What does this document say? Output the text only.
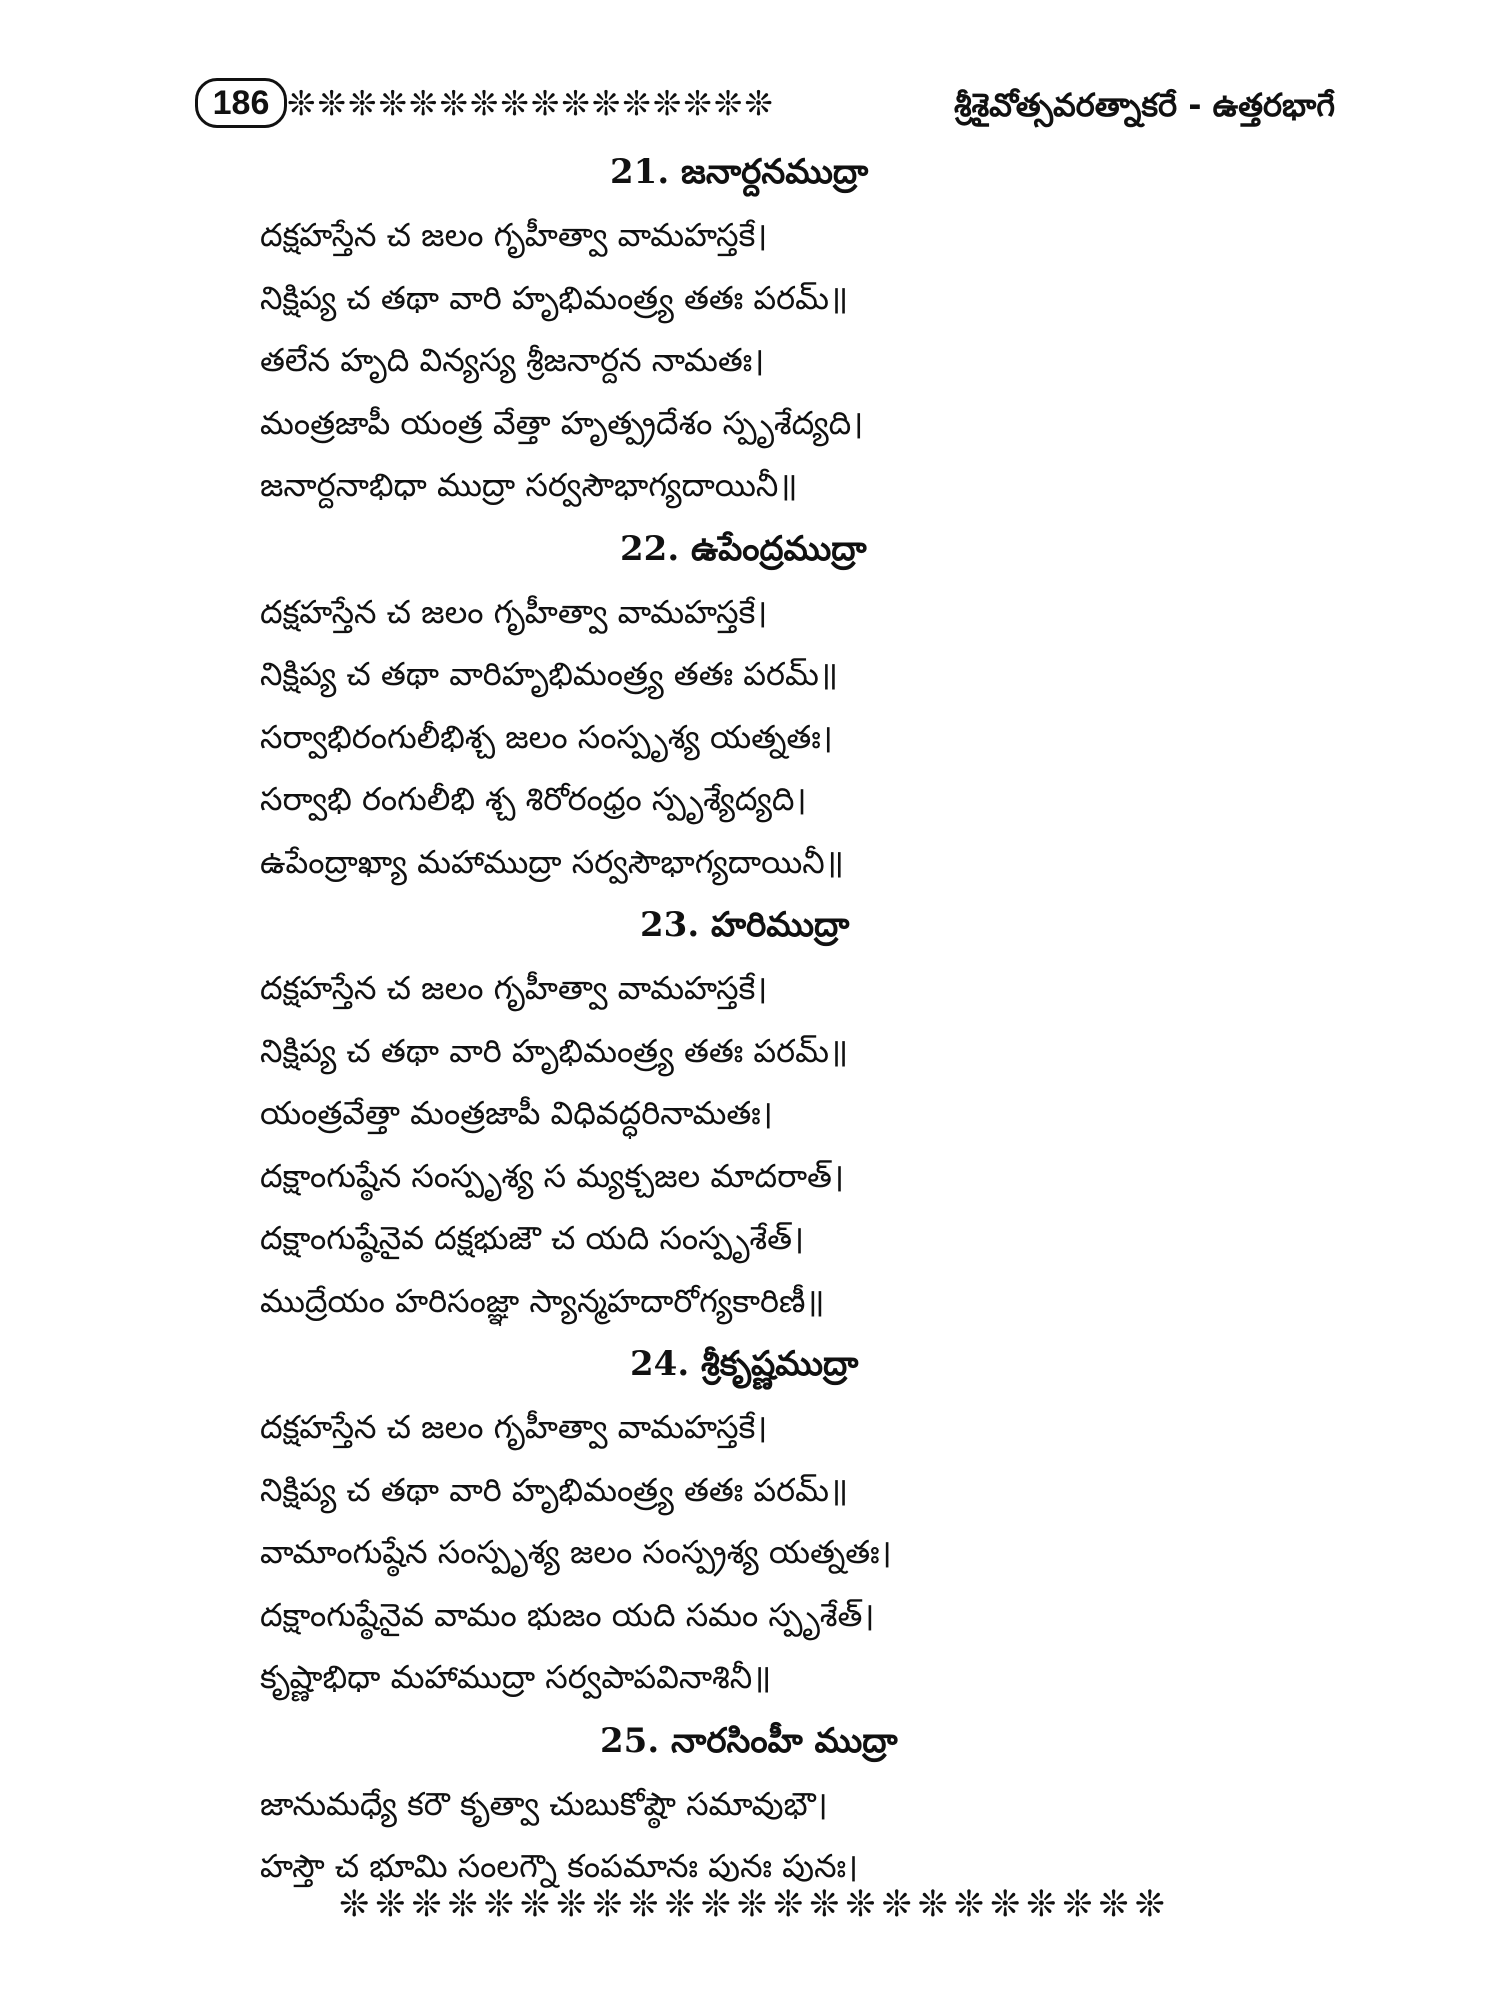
186 ❊❊❊❊❊❊❊❊❊❊❊❊❊❊❊❊	శ్రీశైవోత్సవరత్నాకరే - ఉత్తరభాగే
21. జనార్దనముద్రా
దక్షహస్తేన చ జలం గృహీత్వా వామహస్తకే।
నిక్షిప్య చ తథా వారి హృభిమంత్ర్య తతః పరమ్॥
తలేన హృది విన్యస్య శ్రీజనార్దన నామతః।
మంత్రజాపీ యంత్ర వేత్తా హృత్ప్రదేశం స్పృశేద్యది।
జనార్దనాభిధా ముద్రా సర్వసౌభాగ్యదాయినీ॥
22. ఉపేంద్రముద్రా
దక్షహస్తేన చ జలం గృహీత్వా వామహస్తకే।
నిక్షిప్య చ తథా వారిహృభిమంత్ర్య తతః పరమ్॥
సర్వాభిరంగులీభిశ్చ జలం సంస్పృశ్య యత్నతః।
సర్వాభి రంగులీభి శ్చ శిరోరంధ్రం స్పృశ్యేద్యది।
ఉపేంద్రాఖ్యా మహాముద్రా సర్వసౌభాగ్యదాయినీ॥
23. హరిముద్రా
దక్షహస్తేన చ జలం గృహీత్వా వామహస్తకే।
నిక్షిప్య చ తథా వారి హృభిమంత్ర్య తతః పరమ్॥
యంత్రవేత్తా మంత్రజాపీ విధివద్ధరినామతః।
దక్షాంగుష్ఠేన సంస్పృశ్య స మ్యక్చజల మాదరాత్।
దక్షాంగుష్ఠేనైవ దక్షభుజౌ చ యది సంస్పృశేత్।
ముద్రేయం హరిసంజ్ఞా స్యాన్మహదారోగ్యకారిణీ॥
24. శ్రీకృష్ణముద్రా
దక్షహస్తేన చ జలం గృహీత్వా వామహస్తకే।
నిక్షిప్య చ తథా వారి హృభిమంత్ర్య తతః పరమ్॥
వామాంగుష్ఠేన సంస్పృశ్య జలం సంస్ప్రశ్య యత్నతః।
దక్షాంగుష్ఠేనైవ వామం భుజం యది సమం స్పృశేత్।
కృష్ణాభిధా మహాముద్రా సర్వపాపవినాశినీ॥
25. నారసింహీ ముద్రా
జానుమధ్యే కరౌ కృత్వా చుబుకోష్ఠౌ సమావుభౌ।
హస్తౌ చ భూమి సంలగ్నౌ కంపమానః పునః పునః।
❊❊❊❊❊❊❊❊❊❊❊❊❊❊❊❊❊❊❊❊❊❊❊
